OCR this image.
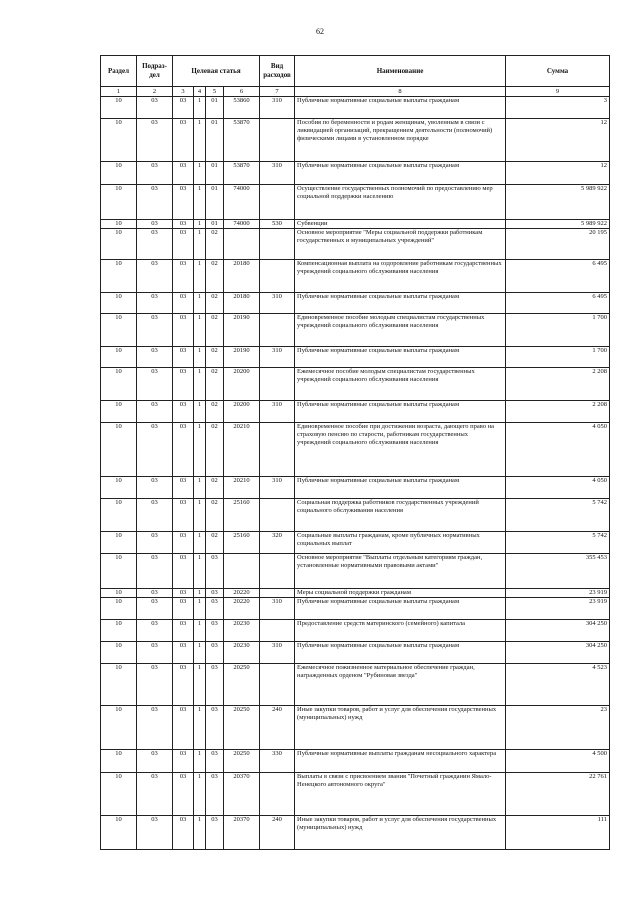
62
Раздел	Подраз-дел	Целевая статья				Вид расходов	Наименование	Сумма
1	2	3	4	5	6	7	8	9
10	03	03	1	01	53860	310	Публичные нормативные социальные выплаты гражданам	3
10	03	03	1	01	53870		Пособия по беременности и родам женщинам, уволенным в связи с ликвидацией организаций, прекращением деятельности (полномочий) физическими лицами в установленном порядке	12
10	03	03	1	01	53870	310	Публичные нормативные социальные выплаты гражданам	12
10	03	03	1	01	74000		Осуществление государственных полномочий по предоставлению мер социальной поддержки населению	5 989 922
10	03	03	1	01	74000	530	Субвенции	5 989 922
10	03	03	1	02			Основное мероприятие "Меры социальной поддержки работникам государственных и муниципальных учреждений"	20 195
10	03	03	1	02	20180		Компенсационная выплата на оздоровление работникам государственных учреждений социального обслуживания населения	6 495
10	03	03	1	02	20180	310	Публичные нормативные социальные выплаты гражданам	6 495
10	03	03	1	02	20190		Единовременное пособие молодым специалистам государственных учреждений социального обслуживания населения	1 700
10	03	03	1	02	20190	310	Публичные нормативные социальные выплаты гражданам	1 700
10	03	03	1	02	20200		Ежемесячное пособие молодым специалистам государственных учреждений социального обслуживания населения	2 208
10	03	03	1	02	20200	310	Публичные нормативные социальные выплаты гражданам	2 208
10	03	03	1	02	20210		Единовременное пособие при достижении возраста, дающего право на страховую пенсию по старости, работникам государственных учреждений социального обслуживания населения	4 050
10	03	03	1	02	20210	310	Публичные нормативные социальные выплаты гражданам	4 050
10	03	03	1	02	25160		Социальная поддержка работников государственных учреждений социального обслуживания населения	5 742
10	03	03	1	02	25160	320	Социальные выплаты гражданам, кроме публичных нормативных социальных выплат	5 742
10	03	03	1	03			Основное мероприятие "Выплаты отдельным категориям граждан, установленные нормативными правовыми актами"	355 453
10	03	03	1	03	20220		Меры социальной поддержки гражданам	23 919
10	03	03	1	03	20220	310	Публичные нормативные социальные выплаты гражданам	23 919
10	03	03	1	03	20230		Предоставление средств материнского (семейного) капитала	304 250
10	03	03	1	03	20230	310	Публичные нормативные социальные выплаты гражданам	304 250
10	03	03	1	03	20250		Ежемесячное пожизненное материальное обеспечение граждан, награжденных орденом "Рубиновая звезда"	4 523
10	03	03	1	03	20250	240	Иные закупки товаров, работ и услуг для обеспечения государственных (муниципальных) нужд	23
10	03	03	1	03	20250	330	Публичные нормативные выплаты гражданам несоциального характера	4 500
10	03	03	1	03	20370		Выплаты в связи с присвоением звания "Почетный гражданин Ямало-Ненецкого автономного округа"	22 761
10	03	03	1	03	20370	240	Иные закупки товаров, работ и услуг для обеспечения государственных (муниципальных) нужд	111
